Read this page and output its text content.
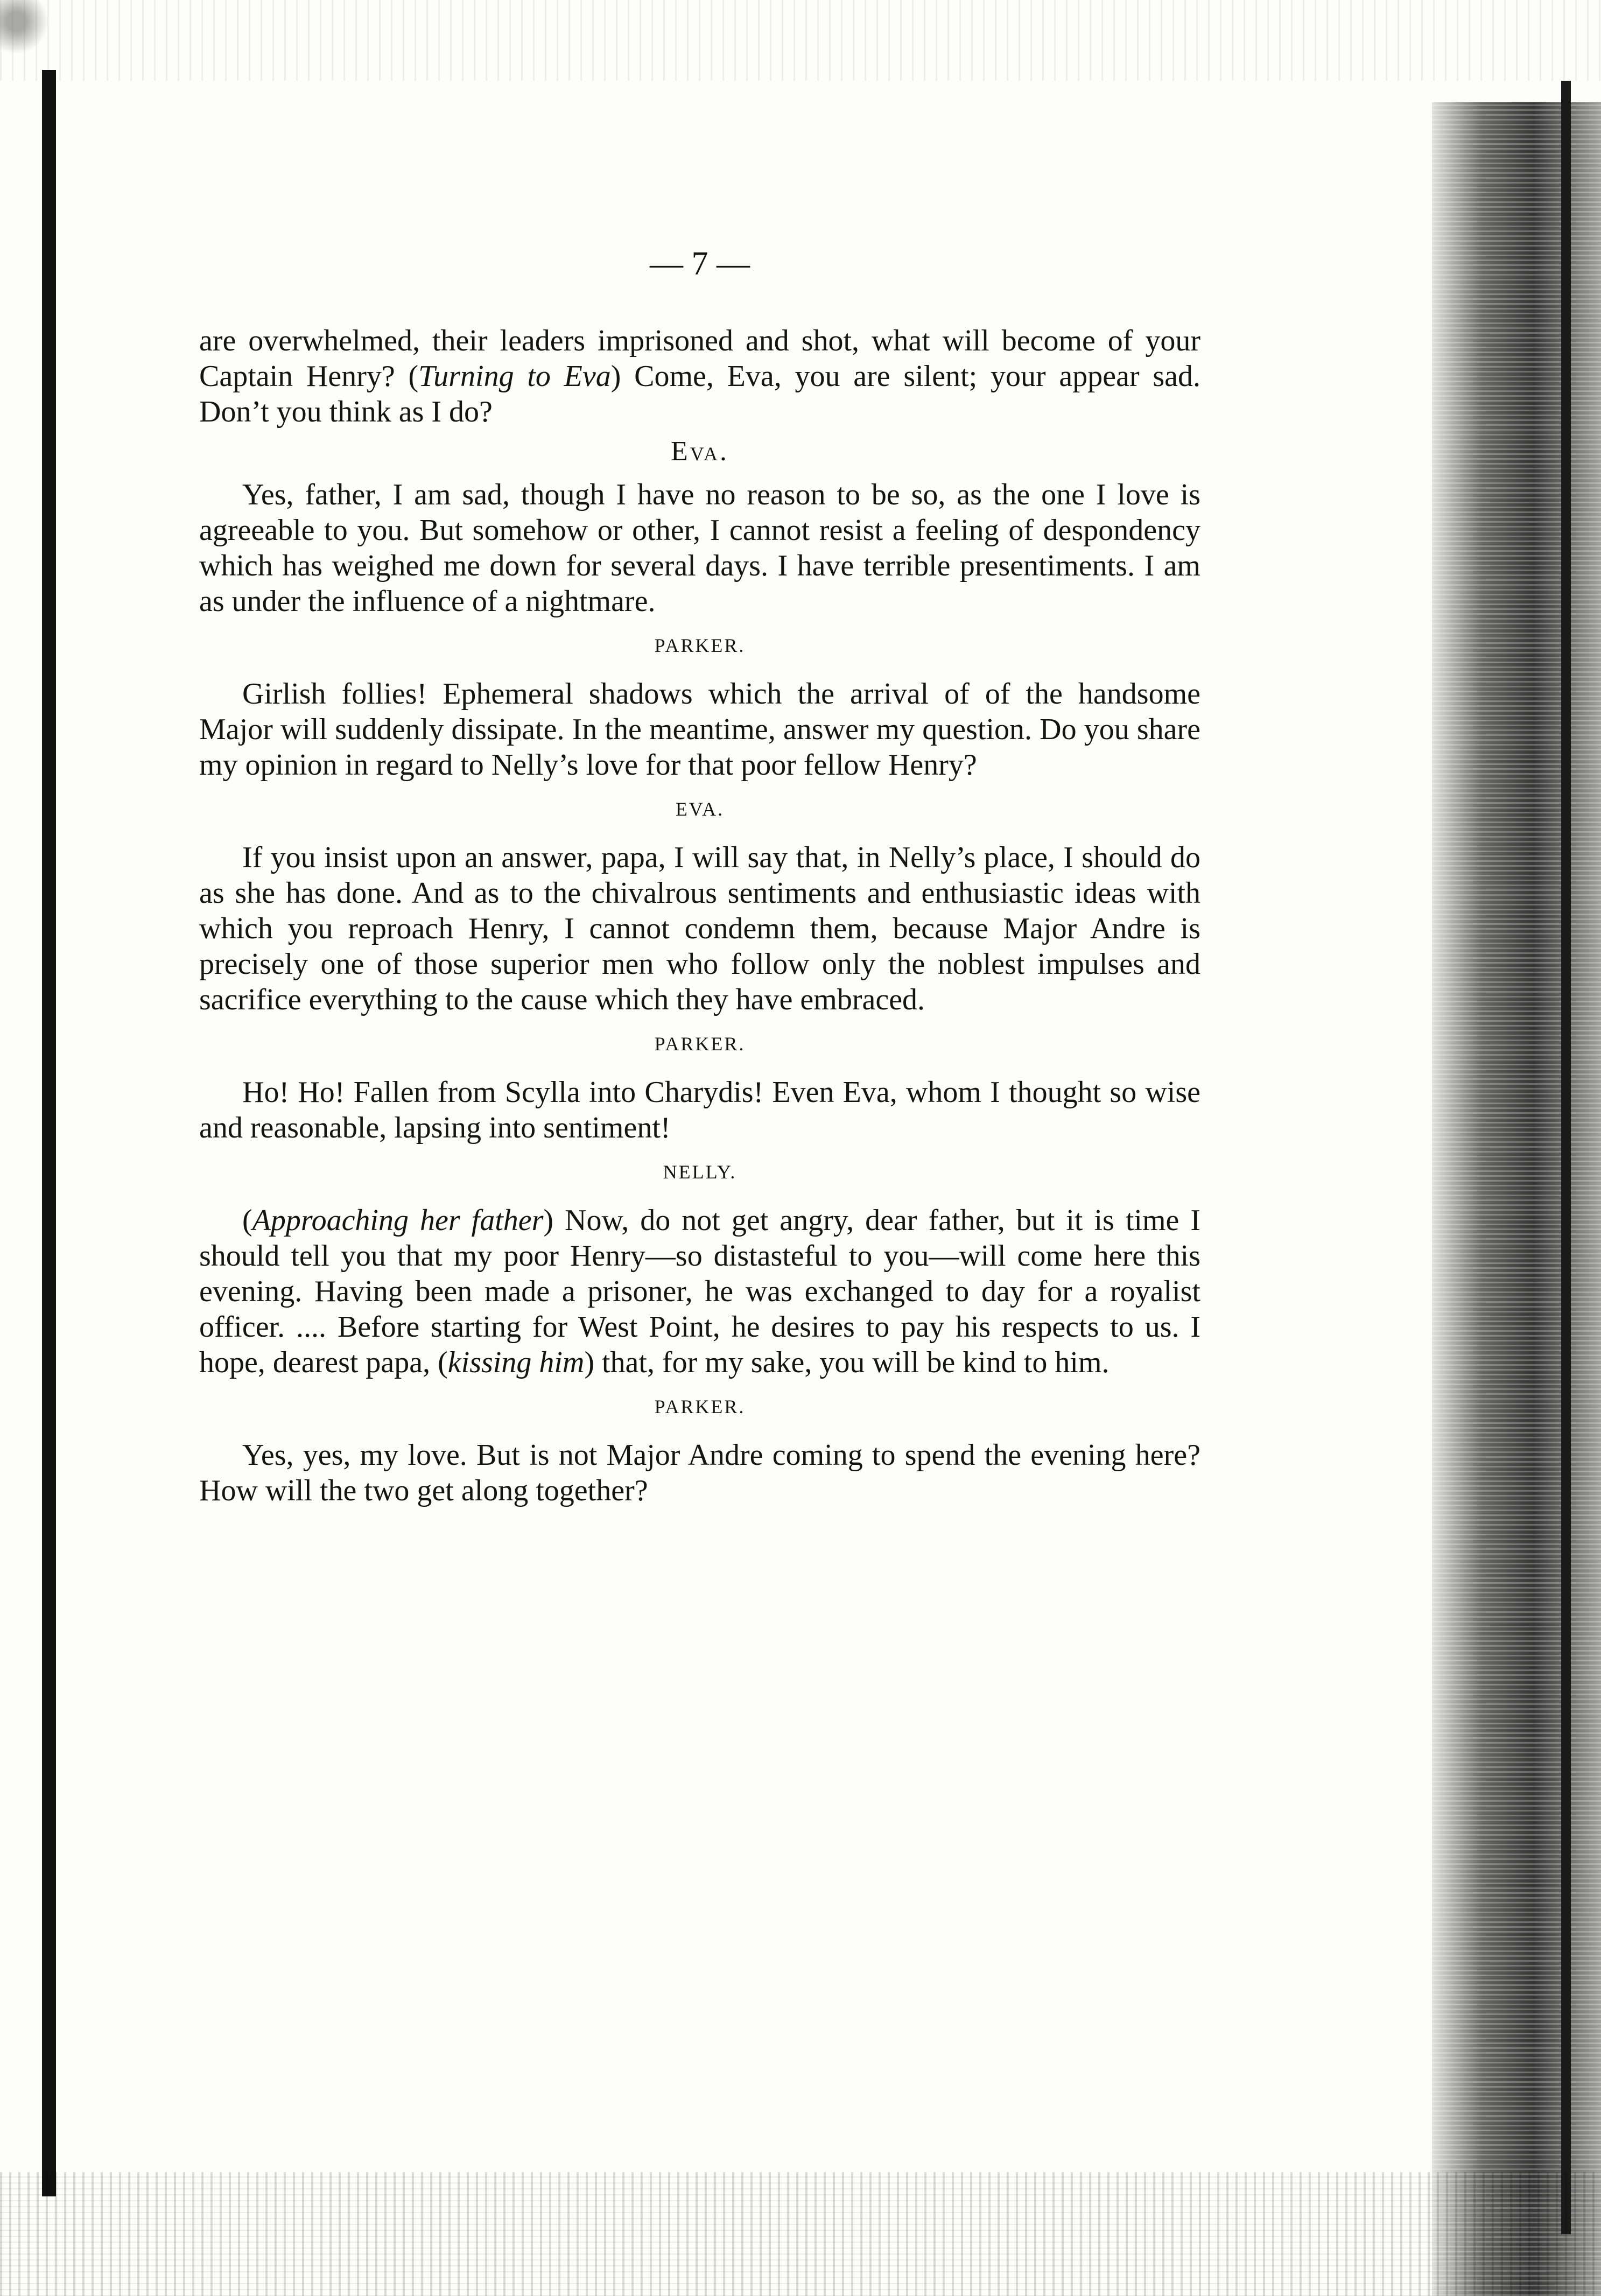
— 7 —

are overwhelmed, their leaders imprisoned and shot, what will become of your Captain Henry? (Turning to Eva) Come, Eva, you are silent; your appear sad. Don’t you think as I do?

Eva.

Yes, father, I am sad, though I have no reason to be so, as the one I love is agreeable to you. But somehow or other, I cannot resist a feeling of despondency which has weighed me down for several days. I have terrible presentiments. I am as under the influence of a nightmare.

PARKER.

Girlish follies! Ephemeral shadows which the arrival of of the handsome Major will suddenly dissipate. In the meantime, answer my question. Do you share my opinion in regard to Nelly’s love for that poor fellow Henry?

EVA.

If you insist upon an answer, papa, I will say that, in Nelly’s place, I should do as she has done. And as to the chivalrous sentiments and enthusiastic ideas with which you reproach Henry, I cannot condemn them, because Major Andre is precisely one of those superior men who follow only the noblest impulses and sacrifice everything to the cause which they have embraced.

PARKER.

Ho! Ho! Fallen from Scylla into Charydis! Even Eva, whom I thought so wise and reasonable, lapsing into sentiment!

NELLY.

(Approaching her father) Now, do not get angry, dear father, but it is time I should tell you that my poor Henry—so distasteful to you—will come here this evening. Having been made a prisoner, he was exchanged to day for a royalist officer. .... Before starting for West Point, he desires to pay his respects to us. I hope, dearest papa, (kissing him) that, for my sake, you will be kind to him.

PARKER.

Yes, yes, my love. But is not Major Andre coming to spend the evening here? How will the two get along together?
